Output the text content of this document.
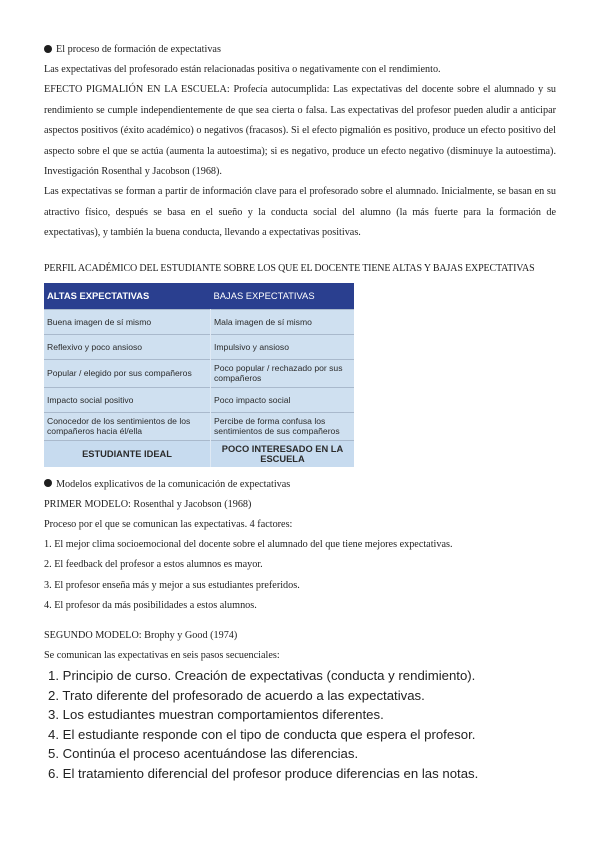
El proceso de formación de expectativas
Las expectativas del profesorado están relacionadas positiva o negativamente con el rendimiento.
EFECTO PIGMALIÓN EN LA ESCUELA: Profecía autocumplida: Las expectativas del docente sobre el alumnado y su rendimiento se cumple independientemente de que sea cierta o falsa. Las expectativas del profesor pueden aludir a anticipar aspectos positivos (éxito académico) o negativos (fracasos). Si el efecto pigmalión es positivo, produce un efecto positivo del aspecto sobre el que se actúa (aumenta la autoestima); si es negativo, produce un efecto negativo (disminuye la autoestima). Investigación Rosenthal y Jacobson (1968).
Las expectativas se forman a partir de información clave para el profesorado sobre el alumnado. Inicialmente, se basan en su atractivo físico, después se basa en el sueño y la conducta social del alumno (la más fuerte para la formación de expectativas), y también la buena conducta, llevando a expectativas positivas.
PERFIL ACADÉMICO DEL ESTUDIANTE SOBRE LOS QUE EL DOCENTE TIENE ALTAS Y BAJAS EXPECTATIVAS
ALTAS EXPECTATIVAS	BAJAS EXPECTATIVAS
Buena imagen de sí mismo	Mala imagen de sí mismo
Reflexivo y poco ansioso	Impulsivo y ansioso
Popular / elegido por sus compañeros	Poco popular / rechazado por sus compañeros
Impacto social positivo	Poco impacto social
Conocedor de los sentimientos de los compañeros hacia él/ella	Percibe de forma confusa los sentimientos de sus compañeros
ESTUDIANTE IDEAL	POCO INTERESADO EN LA ESCUELA
Modelos explicativos de la comunicación de expectativas
PRIMER MODELO: Rosenthal y Jacobson (1968)
Proceso por el que se comunican las expectativas. 4 factores:
1. El mejor clima socioemocional del docente sobre el alumnado del que tiene mejores expectativas.
2. El feedback del profesor a estos alumnos es mayor.
3. El profesor enseña más y mejor a sus estudiantes preferidos.
4. El profesor da más posibilidades a estos alumnos.
SEGUNDO MODELO: Brophy y Good (1974)
Se comunican las expectativas en seis pasos secuenciales:
1. Principio de curso. Creación de expectativas (conducta y rendimiento).
2. Trato diferente del profesorado de acuerdo a las expectativas.
3. Los estudiantes muestran comportamientos diferentes.
4. El estudiante responde con el tipo de conducta que espera el profesor.
5. Continúa el proceso acentuándose las diferencias.
6. El tratamiento diferencial del profesor produce diferencias en las notas.
